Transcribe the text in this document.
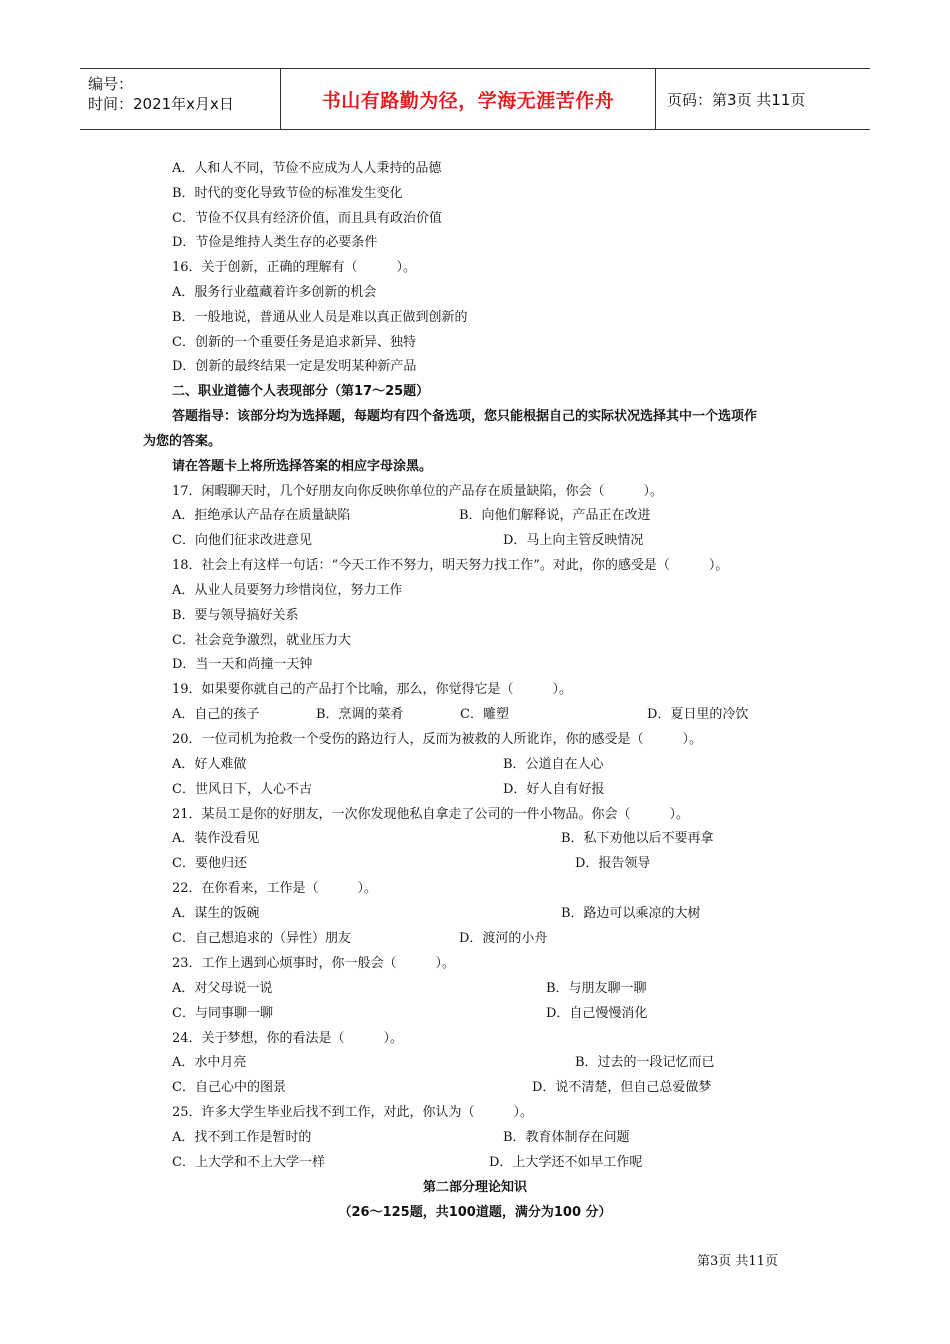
编号：
时间：2021年x月x日	书山有路勤为径，学海无涯苦作舟	页码：第3页 共11页
A．人和人不同，节俭不应成为人人秉持的品德
B．时代的变化导致节俭的标准发生变化
C．节俭不仅具有经济价值，而且具有政治价值
D．节俭是维持人类生存的必要条件
16．关于创新，正确的理解有（　　　）。
A．服务行业蕴藏着许多创新的机会
B．一般地说，普通从业人员是难以真正做到创新的
C．创新的一个重要任务是追求新异、独特
D．创新的最终结果一定是发明某种新产品
二、职业道德个人表现部分（第17～25题）
答题指导：该部分均为选择题，每题均有四个备选项，您只能根据自己的实际状况选择其中一个选项作
为您的答案。
请在答题卡上将所选择答案的相应字母涂黑。
17．闲暇聊天时，几个好朋友向你反映你单位的产品存在质量缺陷，你会（　　　）。
A．拒绝承认产品存在质量缺陷	B．向他们解释说，产品正在改进
C．向他们征求改进意见	D．马上向主管反映情况
18．社会上有这样一句话：“今天工作不努力，明天努力找工作”。对此，你的感受是（　　　）。
A．从业人员要努力珍惜岗位，努力工作
B．要与领导搞好关系
C．社会竞争激烈，就业压力大
D．当一天和尚撞一天钟
19．如果要你就自己的产品打个比喻，那么，你觉得它是（　　　）。
A．自己的孩子	B．烹调的菜肴	C．雕塑	D．夏日里的冷饮
20．一位司机为抢救一个受伤的路边行人，反而为被救的人所讹诈，你的感受是（　　　）。
A．好人难做	B．公道自在人心
C．世风日下，人心不古	D．好人自有好报
21．某员工是你的好朋友，一次你发现他私自拿走了公司的一件小物品。你会（　　　）。
A．装作没看见	B．私下劝他以后不要再拿
C．要他归还	D．报告领导
22．在你看来，工作是（　　　）。
A．谋生的饭碗	B．路边可以乘凉的大树
C．自己想追求的（异性）朋友	D．渡河的小舟
23．工作上遇到心烦事时，你一般会（　　　）。
A．对父母说一说	B．与朋友聊一聊
C．与同事聊一聊	D．自己慢慢消化
24．关于梦想，你的看法是（　　　）。
A．水中月亮	B．过去的一段记忆而已
C．自己心中的图景	D．说不清楚，但自己总爱做梦
25．许多大学生毕业后找不到工作，对此，你认为（　　　）。
A．找不到工作是暂时的	B．教育体制存在问题
C．上大学和不上大学一样	D．上大学还不如早工作呢
第二部分理论知识
（26～125题，共100道题，满分为100 分）
第3页 共11页
